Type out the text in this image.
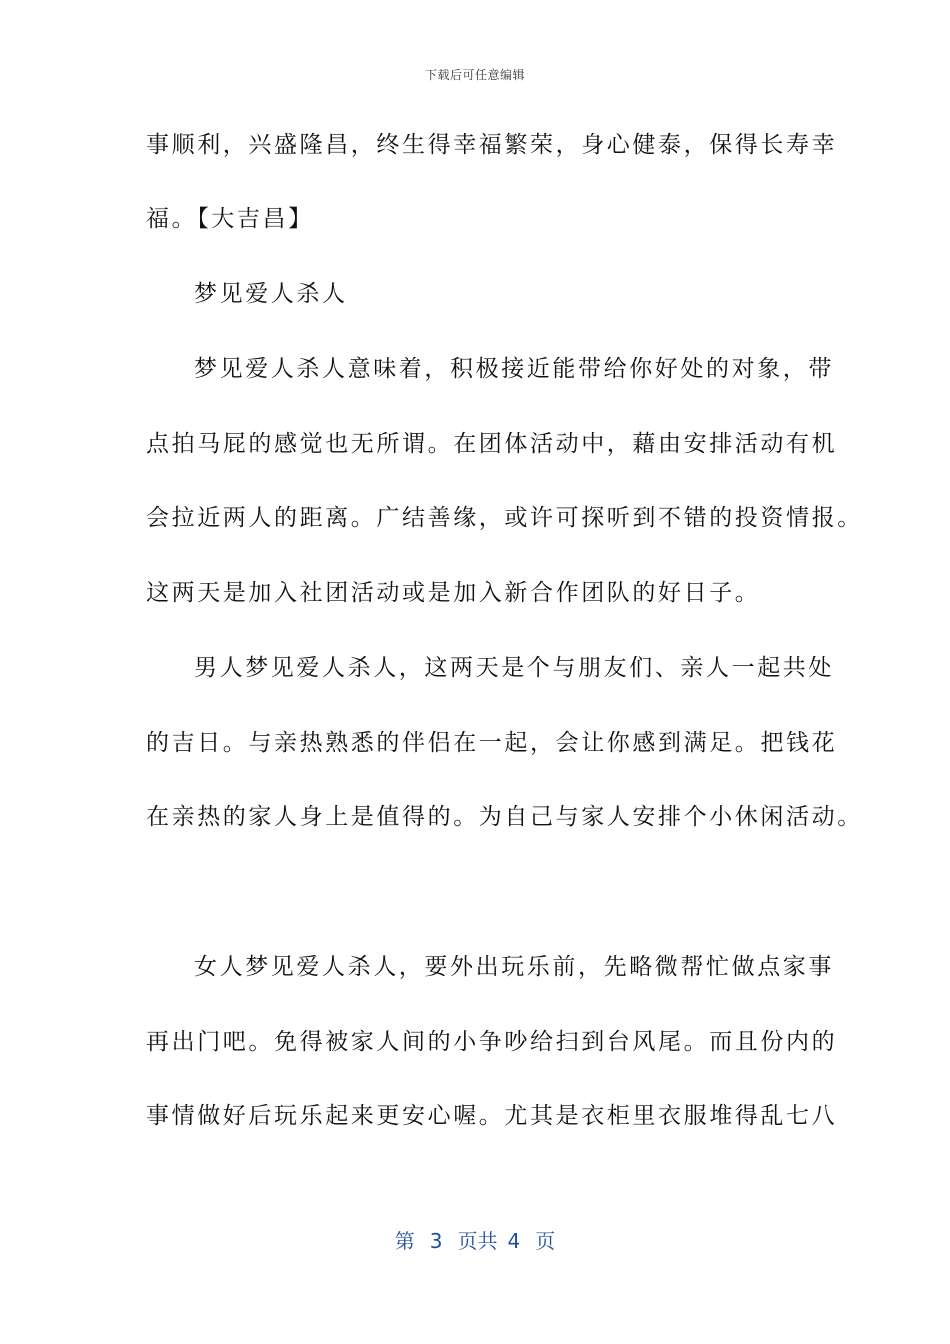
下载后可任意编辑
事顺利，兴盛隆昌，终生得幸福繁荣，身心健泰，保得长寿幸
福。【大吉昌】
梦见爱人杀人
梦见爱人杀人意味着，积极接近能带给你好处的对象，带
点拍马屁的感觉也无所谓。在团体活动中，藉由安排活动有机
会拉近两人的距离。广结善缘，或许可探听到不错的投资情报。
这两天是加入社团活动或是加入新合作团队的好日子。
男人梦见爱人杀人，这两天是个与朋友们、亲人一起共处
的吉日。与亲热熟悉的伴侣在一起，会让你感到满足。把钱花
在亲热的家人身上是值得的。为自己与家人安排个小休闲活动。
女人梦见爱人杀人，要外出玩乐前，先略微帮忙做点家事
再出门吧。免得被家人间的小争吵给扫到台风尾。而且份内的
事情做好后玩乐起来更安心喔。尤其是衣柜里衣服堆得乱七八
第 3 页共 4 页
